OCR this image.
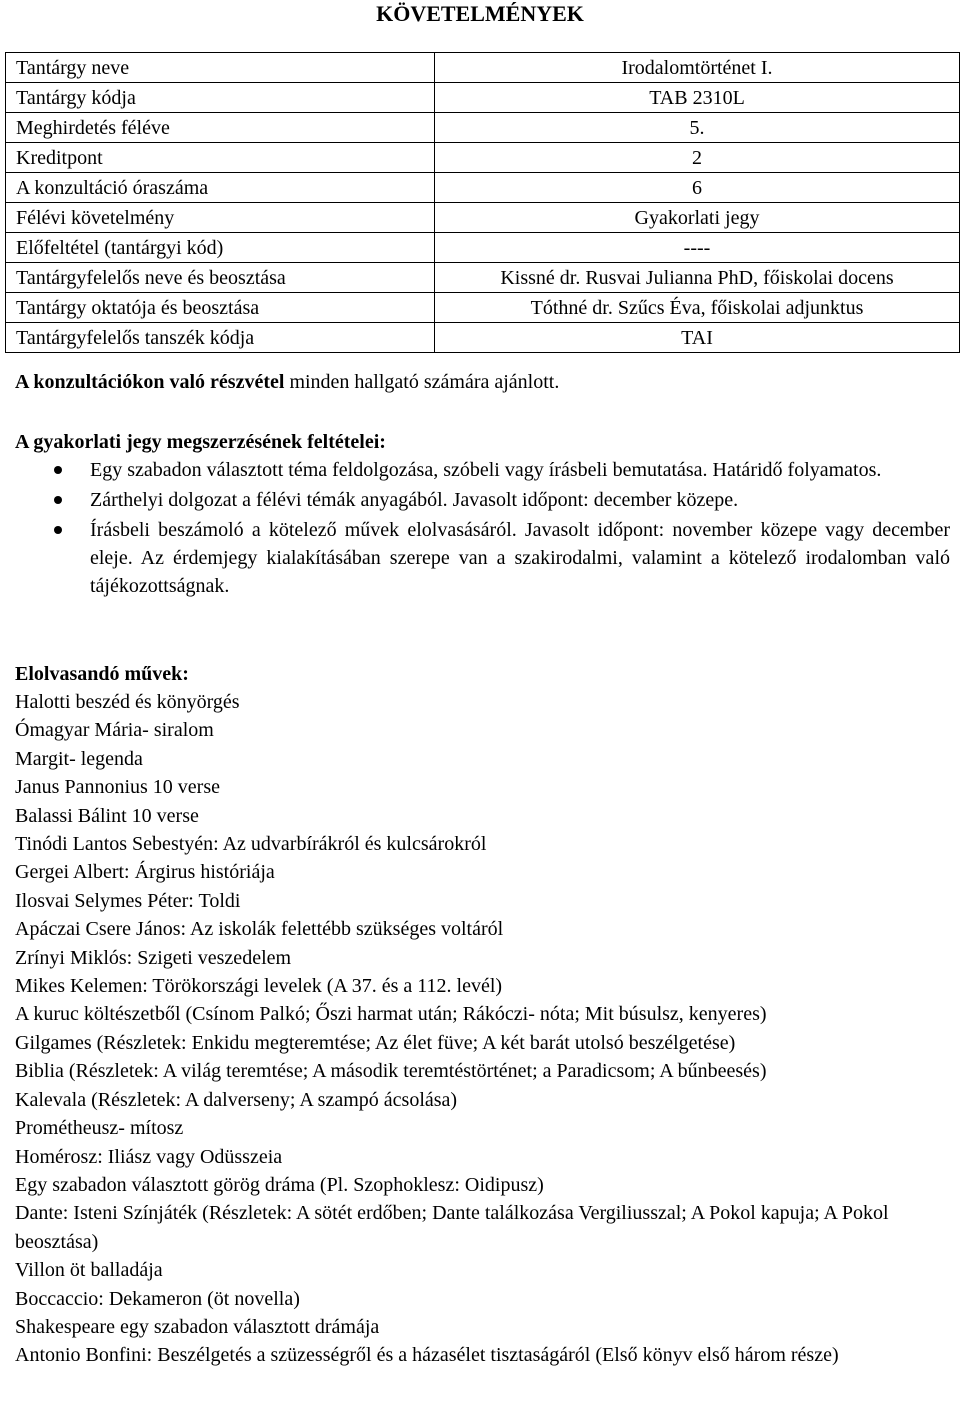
KÖVETELMÉNYEK
Tantárgy neve	Irodalomtörténet I.
Tantárgy kódja	TAB 2310L
Meghirdetés féléve	5.
Kreditpont	2
A konzultáció óraszáma	6
Félévi követelmény	Gyakorlati jegy
Előfeltétel (tantárgyi kód)	----
Tantárgyfelelős neve és beosztása	Kissné dr. Rusvai Julianna PhD, főiskolai docens
Tantárgy oktatója és beosztása	Tóthné dr. Szűcs Éva, főiskolai adjunktus
Tantárgyfelelős tanszék kódja	TAI
A konzultációkon való részvétel minden hallgató számára ajánlott.
A gyakorlati jegy megszerzésének feltételei:
Egy szabadon választott téma feldolgozása, szóbeli vagy írásbeli bemutatása. Határidő folyamatos.
Zárthelyi dolgozat a félévi témák anyagából. Javasolt időpont: december közepe.
Írásbeli beszámoló a kötelező művek elolvasásáról. Javasolt időpont: november közepe vagy december eleje. Az érdemjegy kialakításában szerepe van a szakirodalmi, valamint a kötelező irodalomban való tájékozottságnak.
Elolvasandó művek:
Halotti beszéd és könyörgés
Ómagyar Mária- siralom
Margit- legenda
Janus Pannonius 10 verse
Balassi Bálint 10 verse
Tinódi Lantos Sebestyén: Az udvarbírákról és kulcsárokról
Gergei Albert: Árgirus históriája
Ilosvai Selymes Péter: Toldi
Apáczai Csere János: Az iskolák felettébb szükséges voltáról
Zrínyi Miklós: Szigeti veszedelem
Mikes Kelemen: Törökországi levelek (A 37. és a 112. levél)
A kuruc költészetből (Csínom Palkó; Őszi harmat után; Rákóczi- nóta; Mit búsulsz, kenyeres)
Gilgames (Részletek: Enkidu megteremtése; Az élet füve; A két barát utolsó beszélgetése)
Biblia (Részletek: A világ teremtése; A második teremtéstörténet; a Paradicsom; A bűnbeesés)
Kalevala (Részletek: A dalverseny; A szampó ácsolása)
Prométheusz- mítosz
Homérosz: Iliász vagy Odüsszeia
Egy szabadon választott görög dráma (Pl. Szophoklesz: Oidipusz)
Dante: Isteni Színjáték (Részletek: A sötét erdőben; Dante találkozása Vergiliusszal; A Pokol kapuja; A Pokol beosztása)
Villon öt balladája
Boccaccio: Dekameron (öt novella)
Shakespeare egy szabadon választott drámája
Antonio Bonfini: Beszélgetés a szüzességről és a házasélet tisztaságáról (Első könyv első három része)
